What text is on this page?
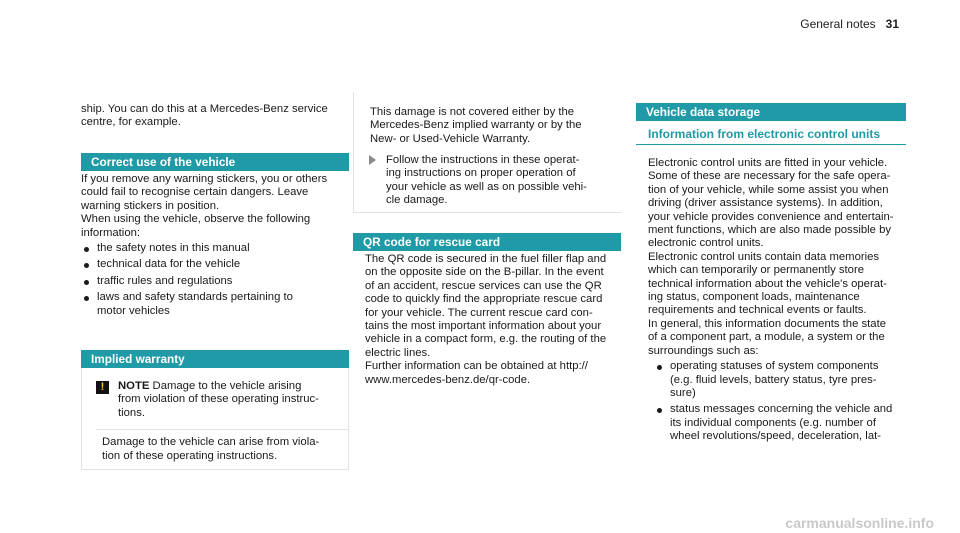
General notes 31

ship. You can do this at a Mercedes-Benz service

centre, for example.

Correct use of the vehicle

If you remove any warning stickers, you or others

could fail to recognise certain dangers. Leave

warning stickers in position.

When using the vehicle, observe the following

information:

the safety notes in this manual
technical data for the vehicle
traffic rules and regulations
laws and safety standards pertaining to
motor vehicles
Implied warranty
!	NOTE Damage to the vehicle arising

from violation of these operating instruc-

tions.

Damage to the vehicle can arise from viola-

tion of these operating instructions.

This damage is not covered either by the

Mercedes-Benz implied warranty or by the

New- or Used-Vehicle Warranty.

Follow the instructions in these operat-

ing instructions on proper operation of

your vehicle as well as on possible vehi-

cle damage.

QR code for rescue card

The QR code is secured in the fuel filler flap and

on the opposite side on the B-pillar. In the event

of an accident, rescue services can use the QR

code to quickly find the appropriate rescue card

for your vehicle. The current rescue card con-

tains the most important information about your

vehicle in a compact form, e.g. the routing of the

electric lines.

Further information can be obtained at http://

www.mercedes-benz.de/qr-code.

Vehicle data storage
Information from electronic control units

Electronic control units are fitted in your vehicle.

Some of these are necessary for the safe opera-

tion of your vehicle, while some assist you when

driving (driver assistance systems). In addition,

your vehicle provides convenience and entertain-

ment functions, which are also made possible by

electronic control units.

Electronic control units contain data memories

which can temporarily or permanently store

technical information about the vehicle's operat-

ing status, component loads, maintenance

requirements and technical events or faults.

In general, this information documents the state

of a component part, a module, a system or the

surroundings such as:

operating statuses of system components
(e.g. fluid levels, battery status, tyre pres-
sure)
status messages concerning the vehicle and
its individual components (e.g. number of
wheel revolutions/speed, deceleration, lat-
carmanualsonline.info
